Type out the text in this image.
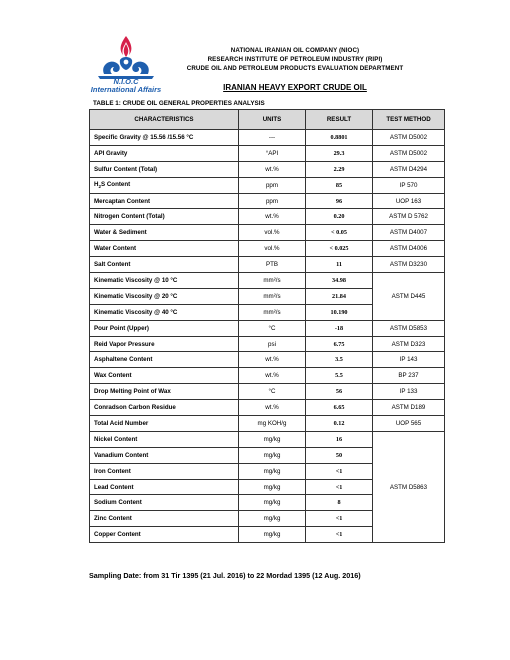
N.I.O.C
International Affairs
NATIONAL IRANIAN OIL COMPANY (NIOC)
RESEARCH INSTITUTE OF PETROLEUM INDUSTRY (RIPI)
CRUDE OIL AND PETROLEUM PRODUCTS EVALUATION DEPARTMENT
IRANIAN HEAVY EXPORT CRUDE OIL
TABLE 1: CRUDE OIL GENERAL PROPERTIES ANALYSIS
CHARACTERISTICS	UNITS	RESULT	TEST METHOD
Specific Gravity @ 15.56 /15.56 °C	---	0.8801	ASTM D5002
API Gravity	°API	29.3	ASTM D5002
Sulfur Content (Total)	wt.%	2.29	ASTM D4294
$H_2S$ Content	ppm	85	IP 570
Mercaptan Content	ppm	96	UOP 163
Nitrogen Content (Total)	wt.%	0.20	ASTM D 5762
Water & Sediment	vol.%	< 0.05	ASTM D4007
Water Content	vol.%	< 0.025	ASTM D4006
Salt Content	PTB	11	ASTM D3230
Kinematic Viscosity @ 10 °C	mm²/s	34.98	ASTM D445
Kinematic Viscosity @ 20 °C	mm²/s	21.84	
Kinematic Viscosity @ 40 °C	mm²/s	10.190	
Pour Point (Upper)	°C	-18	ASTM D5853
Reid Vapor Pressure	psi	6.75	ASTM D323
Asphaltene Content	wt.%	3.5	IP 143
Wax Content	wt.%	5.5	BP 237
Drop Melting Point of Wax	°C	56	IP 133
Conradson Carbon Residue	wt.%	6.65	ASTM D189
Total Acid Number	mg KOH/g	0.12	UOP 565
Nickel Content	mg/kg	16	ASTM D5863
Vanadium Content	mg/kg	50	
Iron Content	mg/kg	<1	
Lead Content	mg/kg	<1	
Sodium Content	mg/kg	8	
Zinc Content	mg/kg	<1	
Copper Content	mg/kg	<1	
Sampling Date: from 31 Tir 1395 (21 Jul. 2016) to 22 Mordad 1395 (12 Aug. 2016)
